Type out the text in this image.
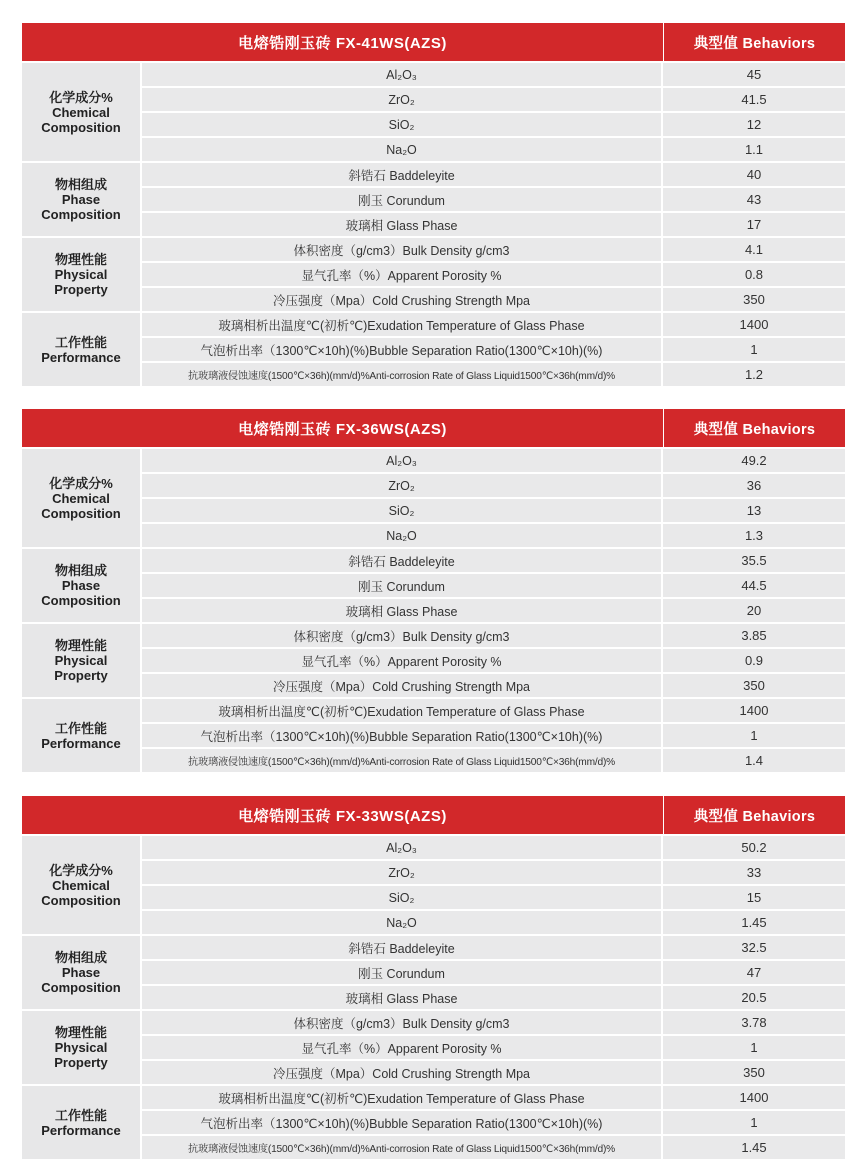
电熔锆刚玉砖 FX-41WS(AZS)	典型值 Behaviors
化学成分%
Chemical
Composition
Al₂O₃	45
ZrO₂	41.5
SiO₂	12
Na₂O	1.1
物相组成
Phase
Composition
斜锆石 Baddeleyite	40
刚玉 Corundum	43
玻璃相 Glass Phase	17
物理性能
Physical
Property
体积密度（g/cm3）Bulk Density g/cm3	4.1
显气孔率（%）Apparent Porosity %	0.8
冷压强度（Mpa）Cold Crushing Strength Mpa	350
工作性能
Performance
玻璃相析出温度℃(初析℃)Exudation Temperature of Glass Phase	1400
气泡析出率（1300℃×10h)(%)Bubble Separation Ratio(1300℃×10h)(%)	1
抗玻璃液侵蚀速度(1500℃×36h)(mm/d)%Anti-corrosion Rate of Glass Liquid1500℃×36h(mm/d)%	1.2
电熔锆刚玉砖 FX-36WS(AZS)	典型值 Behaviors
化学成分%
Chemical
Composition
Al₂O₃	49.2
ZrO₂	36
SiO₂	13
Na₂O	1.3
物相组成
Phase
Composition
斜锆石 Baddeleyite	35.5
刚玉 Corundum	44.5
玻璃相 Glass Phase	20
物理性能
Physical
Property
体积密度（g/cm3）Bulk Density g/cm3	3.85
显气孔率（%）Apparent Porosity %	0.9
冷压强度（Mpa）Cold Crushing Strength Mpa	350
工作性能
Performance
玻璃相析出温度℃(初析℃)Exudation Temperature of Glass Phase	1400
气泡析出率（1300℃×10h)(%)Bubble Separation Ratio(1300℃×10h)(%)	1
抗玻璃液侵蚀速度(1500℃×36h)(mm/d)%Anti-corrosion Rate of Glass Liquid1500℃×36h(mm/d)%	1.4
电熔锆刚玉砖 FX-33WS(AZS)	典型值 Behaviors
化学成分%
Chemical
Composition
Al₂O₃	50.2
ZrO₂	33
SiO₂	15
Na₂O	1.45
物相组成
Phase
Composition
斜锆石 Baddeleyite	32.5
刚玉 Corundum	47
玻璃相 Glass Phase	20.5
物理性能
Physical
Property
体积密度（g/cm3）Bulk Density g/cm3	3.78
显气孔率（%）Apparent Porosity %	1
冷压强度（Mpa）Cold Crushing Strength Mpa	350
工作性能
Performance
玻璃相析出温度℃(初析℃)Exudation Temperature of Glass Phase	1400
气泡析出率（1300℃×10h)(%)Bubble Separation Ratio(1300℃×10h)(%)	1
抗玻璃液侵蚀速度(1500℃×36h)(mm/d)%Anti-corrosion Rate of Glass Liquid1500℃×36h(mm/d)%	1.45
